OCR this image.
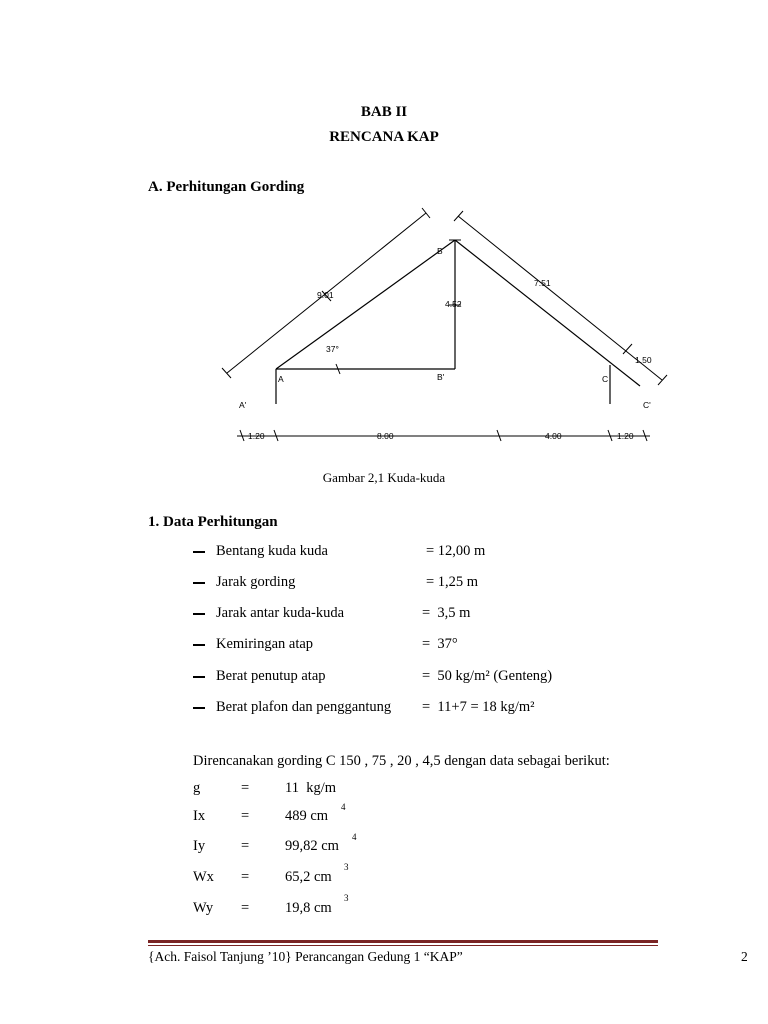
BAB II
RENCANA KAP
A. Perhitungan Gording
9.01
7.51
4.52
1.50
37°
A
A'
B
B'	C
C'
1.20	8.00	4.00	1.20
Gambar 2,1 Kuda-kuda
1. Data Perhitungan
Bentang kuda kuda	= 12,00 m
Jarak gording	= 1,25 m
Jarak antar kuda-kuda	=  3,5 m
Kemiringan atap	=  37°
Berat penutup atap	=  50 kg/m² (Genteng)
Berat plafon dan penggantung =  11+7 = 18 kg/m²
Direncanakan gording C 150 , 75 , 20 , 4,5 dengan data sebagai berikut:
g	= 11  kg/m
Ix = 489 cm
4
Iy = 99,82 cm
4
Wx = 65,2 cm
3
Wy = 19,8 cm
3
{Ach. Faisol Tanjung ’10} Perancangan Gedung 1 “KAP”	2
